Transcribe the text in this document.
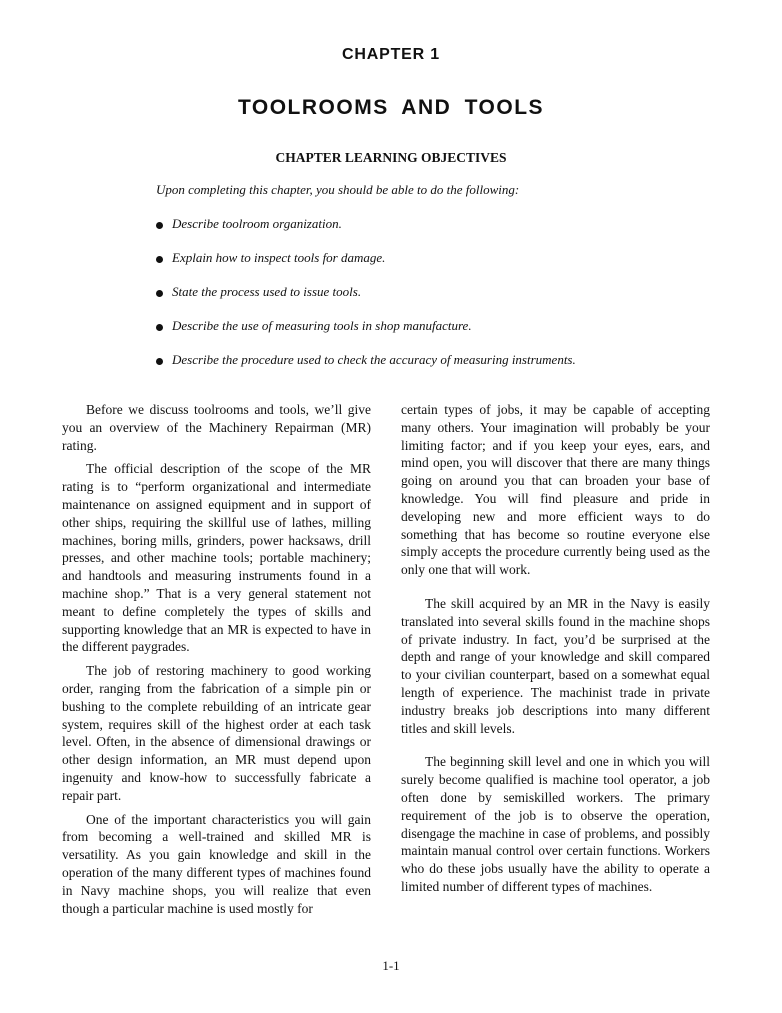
CHAPTER 1
TOOLROOMS AND TOOLS
CHAPTER LEARNING OBJECTIVES
Upon completing this chapter, you should be able to do the following:
Describe toolroom organization.
Explain how to inspect tools for damage.
State the process used to issue tools.
Describe the use of measuring tools in shop manufacture.
Describe the procedure used to check the accuracy of measuring instruments.

Before we discuss toolrooms and tools, we’ll give you an overview of the Machinery Repairman (MR) rating.

The official description of the scope of the MR rating is to “perform organizational and intermediate maintenance on assigned equipment and in support of other ships, requiring the skillful use of lathes, milling machines, boring mills, grinders, power hacksaws, drill presses, and other machine tools; portable machinery; and handtools and measuring instruments found in a machine shop.” That is a very general statement not meant to define completely the types of skills and supporting knowledge that an MR is expected to have in the different paygrades.

The job of restoring machinery to good working order, ranging from the fabrication of a simple pin or bushing to the complete rebuilding of an intricate gear system, requires skill of the highest order at each task level. Often, in the absence of dimensional drawings or other design information, an MR must depend upon ingenuity and know-how to successfully fabricate a repair part.

One of the important characteristics you will gain from becoming a well-trained and skilled MR is versatility. As you gain knowledge and skill in the operation of the many different types of machines found in Navy machine shops, you will realize that even though a particular machine is used mostly for

certain types of jobs, it may be capable of accepting many others. Your imagination will probably be your limiting factor; and if you keep your eyes, ears, and mind open, you will discover that there are many things going on around you that can broaden your base of knowledge. You will find pleasure and pride in developing new and more efficient ways to do something that has become so routine everyone else simply accepts the procedure currently being used as the only one that will work.

The skill acquired by an MR in the Navy is easily translated into several skills found in the machine shops of private industry. In fact, you’d be surprised at the depth and range of your knowledge and skill compared to your civilian counterpart, based on a somewhat equal length of experience. The machinist trade in private industry breaks job descriptions into many different titles and skill levels.

The beginning skill level and one in which you will surely become qualified is machine tool operator, a job often done by semiskilled workers. The primary requirement of the job is to observe the operation, disengage the machine in case of problems, and possibly maintain manual control over certain functions. Workers who do these jobs usually have the ability to operate a limited number of different types of machines.

1-1
